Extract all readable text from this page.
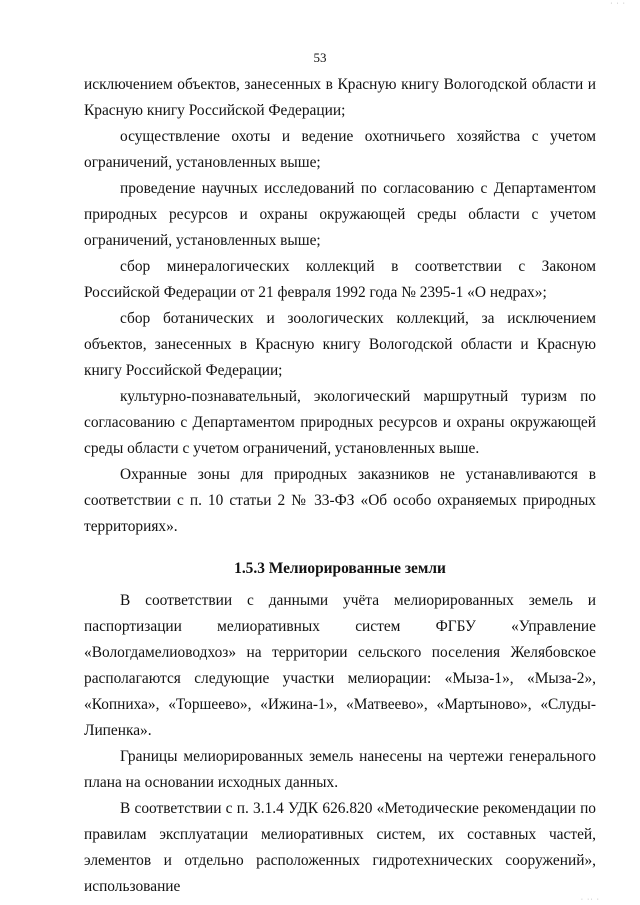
· · ·
53

исключением объектов, занесенных в Красную книгу Вологодской области и Красную книгу Российской Федерации;

осуществление охоты и ведение охотничьего хозяйства с учетом ограничений, установленных выше;

проведение научных исследований по согласованию с Департаментом природных ресурсов и охраны окружающей среды области с учетом ограничений, установленных выше;

сбор минералогических коллекций в соответствии с Законом Российской Федерации от 21 февраля 1992 года № 2395-1 «О недрах»;

сбор ботанических и зоологических коллекций, за исключением объектов, занесенных в Красную книгу Вологодской области и Красную книгу Российской Федерации;

культурно-познавательный, экологический маршрутный туризм по согласованию с Департаментом природных ресурсов и охраны окружающей среды области с учетом ограничений, установленных выше.

Охранные зоны для природных заказников не устанавливаются в соответствии с п. 10 статьи 2 № 33-ФЗ «Об особо охраняемых природных территориях».

1.5.3 Мелиорированные земли

В соответствии с данными учёта мелиорированных земель и паспортизации мелиоративных систем ФГБУ «Управление «Вологдамелиоводхоз» на территории сельского поселения Желябовское располагаются следующие участки мелиорации: «Мыза-1», «Мыза-2», «Копниха», «Торшеево», «Ижина-1», «Матвеево», «Мартыново», «Слуды-Липенка».

Границы мелиорированных земель нанесены на чертежи генерального плана на основании исходных данных.

В соответствии с п. 3.1.4 УДК 626.820 «Методические рекомендации по правилам эксплуатации мелиоративных систем, их составных частей, элементов и отдельно расположенных гидротехнических сооружений», использование

· ·· ·
